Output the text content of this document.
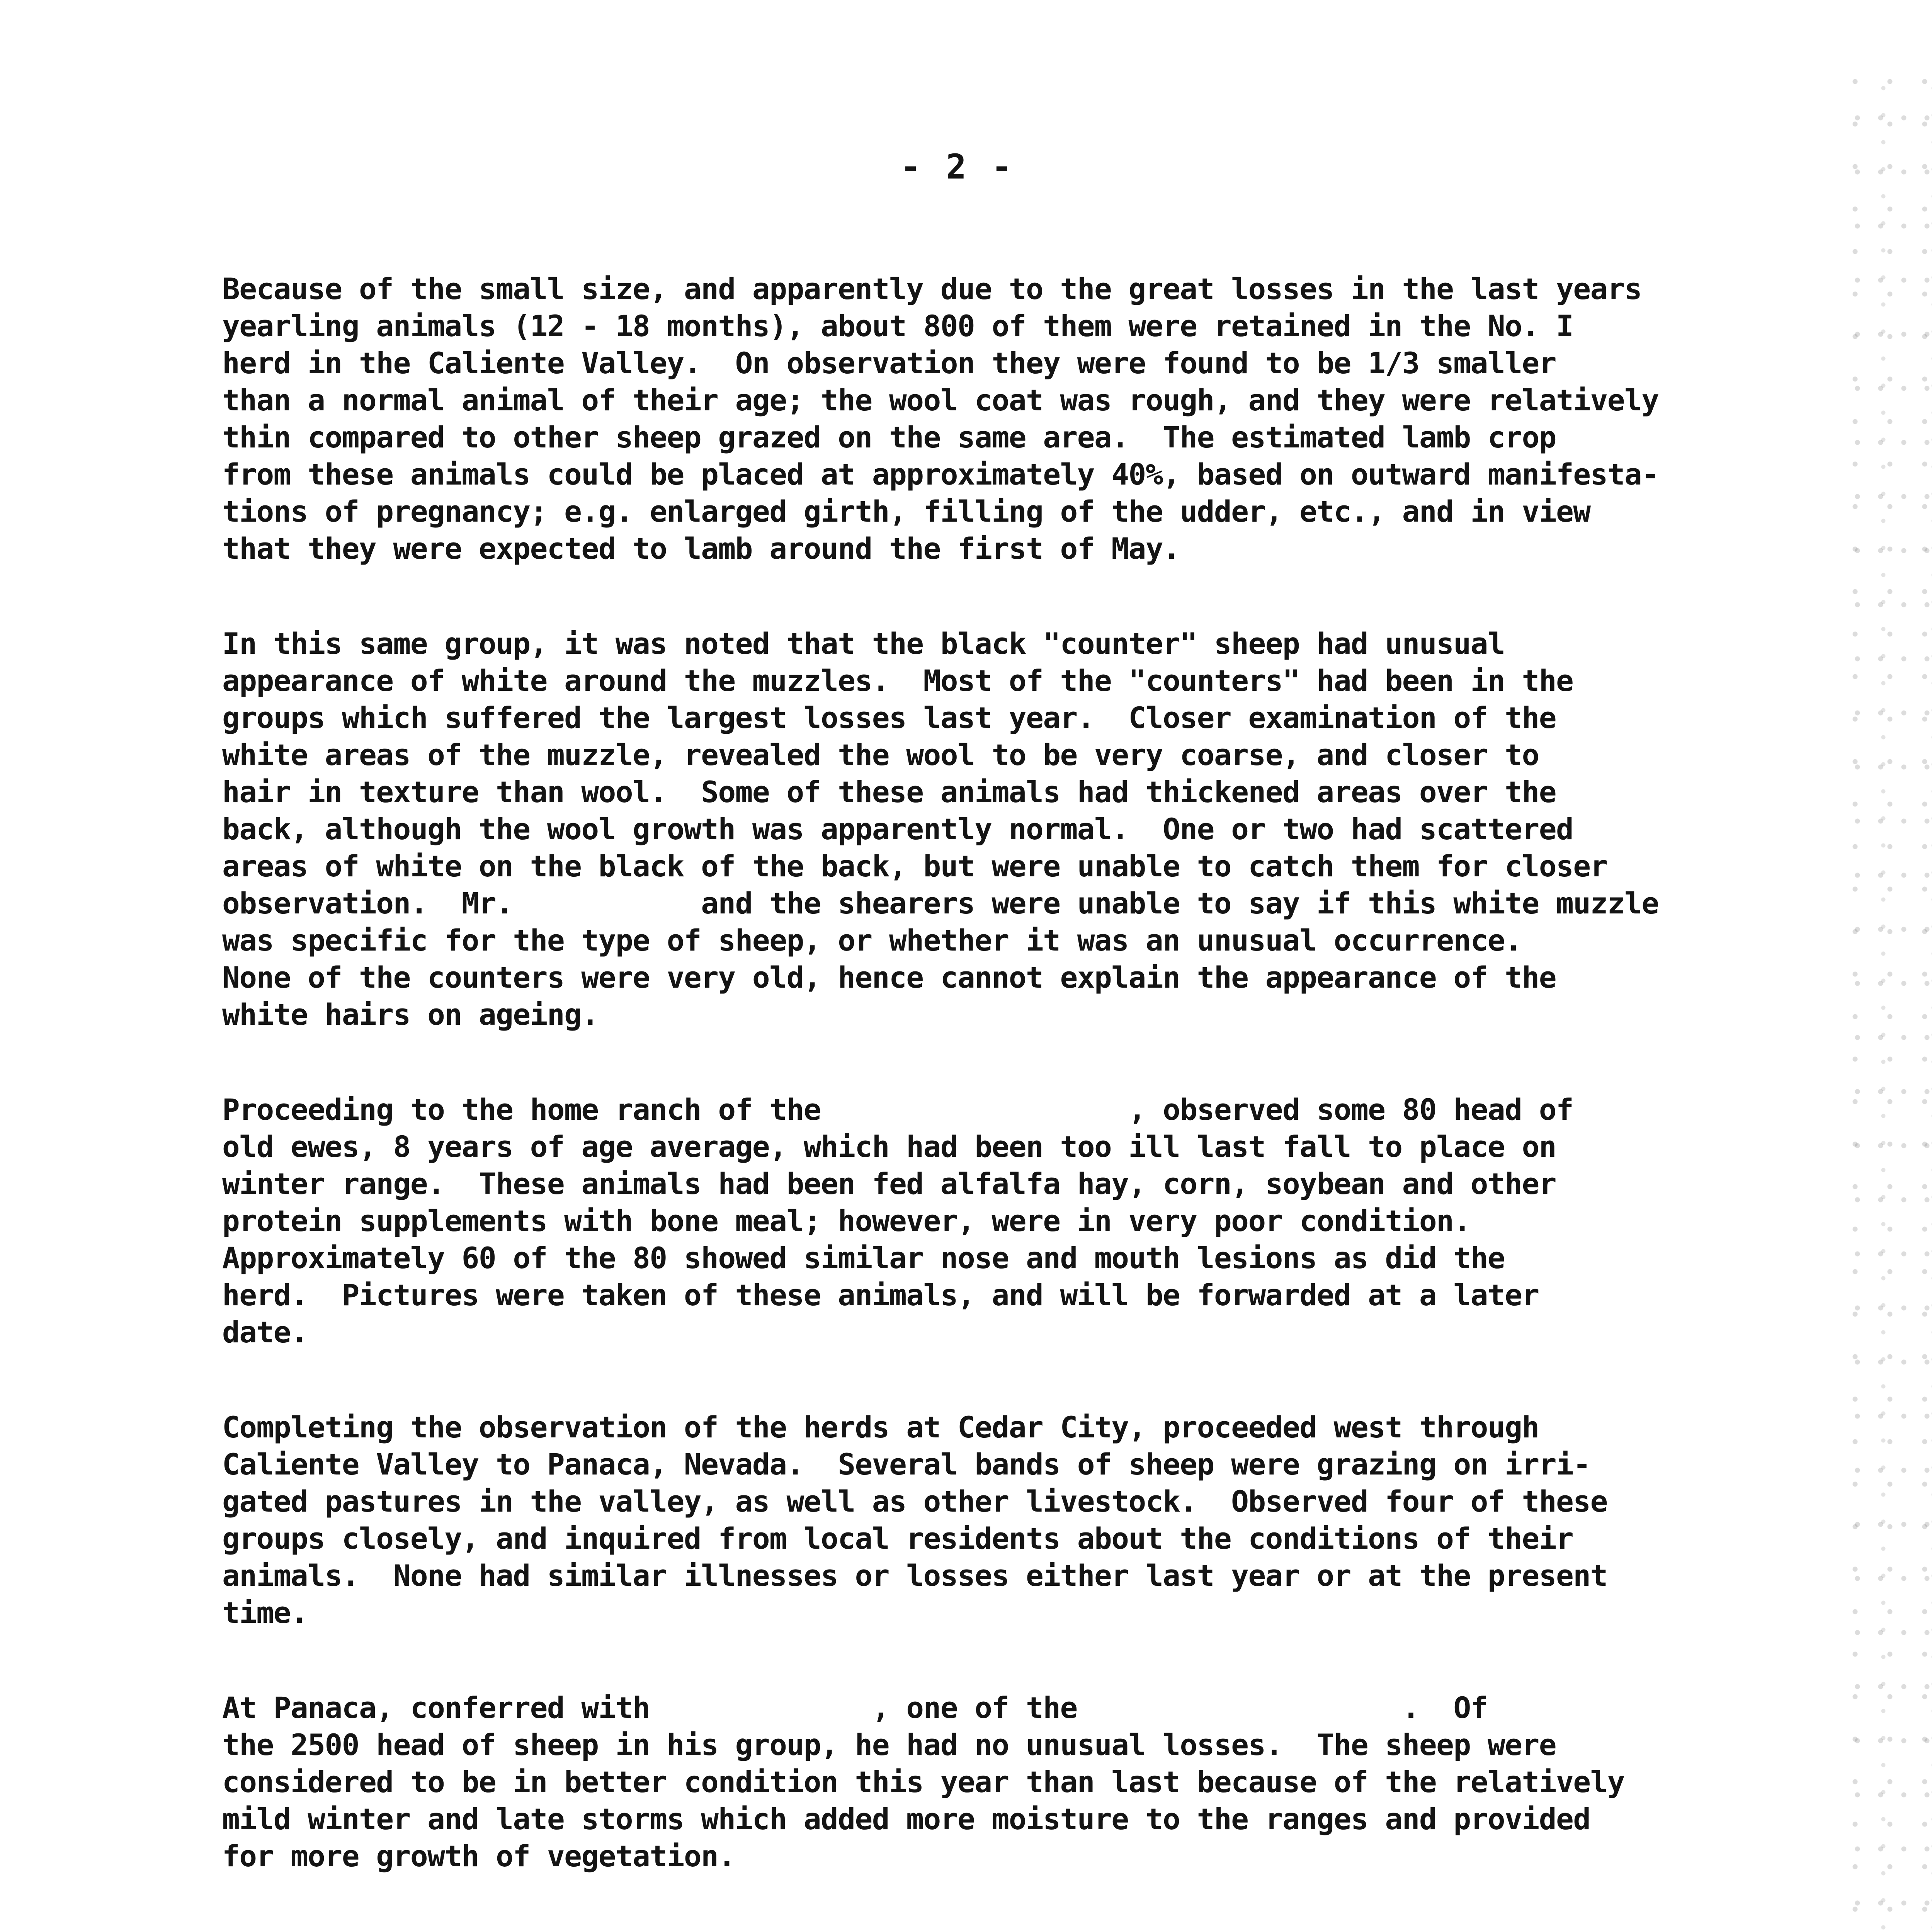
- 2 -
Because of the small size, and apparently due to the great losses in the last years
yearling animals (12 - 18 months), about 800 of them were retained in the No. I
herd in the Caliente Valley.  On observation they were found to be 1/3 smaller
than a normal animal of their age; the wool coat was rough, and they were relatively
thin compared to other sheep grazed on the same area.  The estimated lamb crop
from these animals could be placed at approximately 40%, based on outward manifesta-
tions of pregnancy; e.g. enlarged girth, filling of the udder, etc., and in view
that they were expected to lamb around the first of May.
In this same group, it was noted that the black "counter" sheep had unusual
appearance of white around the muzzles.  Most of the "counters" had been in the
groups which suffered the largest losses last year.  Closer examination of the
white areas of the muzzle, revealed the wool to be very coarse, and closer to
hair in texture than wool.  Some of these animals had thickened areas over the
back, although the wool growth was apparently normal.  One or two had scattered
areas of white on the black of the back, but were unable to catch them for closer
observation.  Mr.           and the shearers were unable to say if this white muzzle
was specific for the type of sheep, or whether it was an unusual occurrence.
None of the counters were very old, hence cannot explain the appearance of the
white hairs on ageing.
Proceeding to the home ranch of the                  , observed some 80 head of
old ewes, 8 years of age average, which had been too ill last fall to place on
winter range.  These animals had been fed alfalfa hay, corn, soybean and other
protein supplements with bone meal; however, were in very poor condition.
Approximately 60 of the 80 showed similar nose and mouth lesions as did the
herd.  Pictures were taken of these animals, and will be forwarded at a later
date.
Completing the observation of the herds at Cedar City, proceeded west through
Caliente Valley to Panaca, Nevada.  Several bands of sheep were grazing on irri-
gated pastures in the valley, as well as other livestock.  Observed four of these
groups closely, and inquired from local residents about the conditions of their
animals.  None had similar illnesses or losses either last year or at the present
time.
At Panaca, conferred with             , one of the                   .  Of
the 2500 head of sheep in his group, he had no unusual losses.  The sheep were
considered to be in better condition this year than last because of the relatively
mild winter and late storms which added more moisture to the ranges and provided
for more growth of vegetation.
